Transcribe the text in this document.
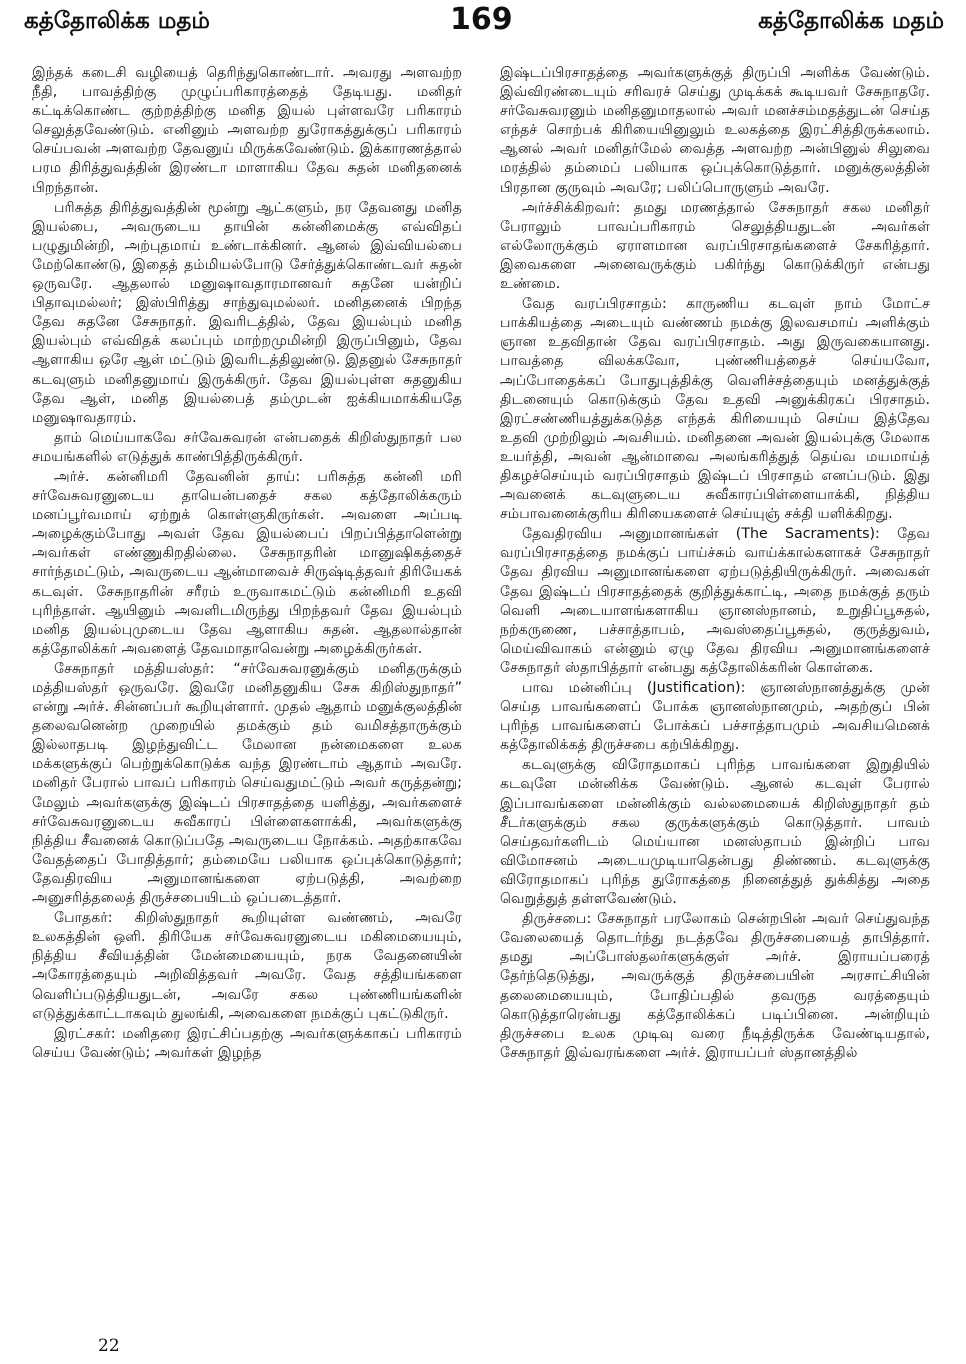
கத்தோலிக்க மதம்	169	கத்தோலிக்க மதம்

இந்தக் கடைசி வழியைத் தெரிந்துகொண்டார். அவரது அளவற்ற நீதி, பாவத்திற்கு முழுப்பரிகாரத்தைத் தேடியது. மனிதர் கட்டிக்கொண்ட குற்றத்திற்கு மனித இயல் புள்ளவரே பரிகாரம் செலுத்தவேண்டும். எனினும் அளவற்ற துரோகத்துக்குப் பரிகாரம் செய்பவன் அளவற்ற தேவனுய் மிருக்கவேண்டும். இக்காரணத்தால் பரம திரித்துவத்தின் இரண்டா மாளாகிய தேவ சுதன் மனிதனைக் பிறந்தான்.

பரிசுத்த திரித்துவத்தின் மூன்று ஆட்களும், நர தேவனது மனித இயல்பை, அவருடைய தாயின் கன்னிமைக்கு எவ்விதப் பழுதுமின்றி, அற்புதமாய் உண்டாக்கினர். ஆனல் இவ்வியல்பை மேற்கொண்டு, இதைத் தம்மியல்போடு சேர்த்துக்கொண்டவர் சுதன் ஒருவரே. ஆதலால் மனுஷாவதாரமானவர் சுதனே யன்றிப் பிதாவுமல்லர்; இஸ்பிரித்து சாந்துவுமல்லர். மனிதனைக் பிறந்த தேவ சுதனே சேசுநாதர். இவரிடத்தில், தேவ இயல்பும் மனித இயல்பும் எவ்விதக் கலப்பும் மாற்றமுமின்றி இருப்பினும், தேவ ஆளாகிய ஒரே ஆள் மட்டும் இவரிடத்திலுண்டு. இதனுல் சேசுநாதர் கடவுளும் மனிதனுமாய் இருக்கிருர். தேவ இயல்புள்ள சுதனுகிய தேவ ஆள், மனித இயல்பைத் தம்முடன் ஐக்கியமாக்கியதே மனுஷாவதாரம்.

தாம் மெய்யாகவே சர்வேசுவரன் என்பதைக் கிறிஸ்துநாதர் பல சமயங்களில் எடுத்துக் காண்பித்திருக்கிருர்.

அர்ச். கன்னிமரி தேவனின் தாய்: பரிசுத்த கன்னி மரி சர்வேசுவரனுடைய தாயென்பதைச் சகல கத்தோலிக்கரும் மனப்பூர்வமாய் ஏற்றுக் கொள்ளுகிருர்கள். அவளை அப்படி அழைக்கும்போது அவள் தேவ இயல்பைப் பிறப்பித்தாளென்று அவர்கள் எண்ணுகிறதில்லை. சேசுநாதரின் மானுஷிகத்தைச் சார்ந்தமட்டும், அவருடைய ஆன்மாவைச் சிருஷ்டித்தவர் திரியேகக் கடவுள். சேசுநாதரின் சரீரம் உருவாகமட்டும் கன்னிமரி உதவி புரிந்தாள். ஆயினும் அவளிடமிருந்து பிறந்தவர் தேவ இயல்பும் மனித இயல்புமுடைய தேவ ஆளாகிய சுதன். ஆதலால்தான் கத்தோலிக்கர் அவளைத் தேவமாதாவென்று அழைக்கிருர்கள்.

சேசுநாதர் மத்தியஸ்தர்: “சர்வேசுவரனுக்கும் மனிதருக்கும் மத்தியஸ்தர் ஒருவரே. இவரே மனிதனுகிய சேசு கிறிஸ்துநாதர்” என்று அர்ச். சின்னப்பர் கூறியுள்ளார். முதல் ஆதாம் மனுக்குலத்தின் தலைவனென்ற முறையில் தமக்கும் தம் வமிசத்தாருக்கும் இல்லாதபடி இழந்துவிட்ட மேலான நன்மைகளை உலக மக்களுக்குப் பெற்றுக்கொடுக்க வந்த இரண்டாம் ஆதாம் அவரே. மனிதர் பேரால் பாவப் பரிகாரம் செய்வதுமட்டும் அவர் கருத்தன்று; மேலும் அவர்களுக்கு இஷ்டப் பிரசாதத்தை யளித்து, அவர்களைச் சர்வேசுவரனுடைய சுவீகாரப் பிள்ளைகளாக்கி, அவர்களுக்கு நித்திய சீவனைக் கொடுப்பதே அவருடைய நோக்கம். அதற்காகவே வேதத்தைப் போதித்தார்; தம்மையே பலியாக ஒப்புக்கொடுத்தார்; தேவதிரவிய அனுமானங்களை ஏற்படுத்தி, அவற்றை அனுசரித்தலைத் திருச்சபையிடம் ஒப்படைத்தார்.

போதகர்: கிறிஸ்துநாதர் கூறியுள்ள வண்ணம், அவரே உலகத்தின் ஒளி. திரியேக சர்வேசுவரனுடைய மகிமையையும், நித்திய சீவியத்தின் மேன்மையையும், நரக வேதனையின் அகோரத்தையும் அறிவித்தவர் அவரே. வேத சத்தியங்களை வெளிப்படுத்தியதுடன், அவரே சகல புண்ணியங்களின் எடுத்துக்காட்டாகவும் துலங்கி, அவைகளை நமக்குப் புகட்டுகிருர்.

இரட்சகர்: மனிதரை இரட்சிப்பதற்கு அவர்களுக்காகப் பரிகாரம் செய்ய வேண்டும்; அவர்கள் இழந்த

இஷ்டப்பிரசாதத்தை அவர்களுக்குத் திருப்பி அளிக்க வேண்டும். இவ்விரண்டையும் சரிவரச் செய்து முடிக்கக் கூடியவர் சேசுநாதரே. சர்வேசுவரனும் மனிதனுமாதலால் அவர் மனச்சம்மதத்துடன் செய்த எந்தச் சொற்பக் கிரியையினுலும் உலகத்தை இரட்சித்திருக்கலாம். ஆனல் அவர் மனிதர்மேல் வைத்த அளவற்ற அன்பினுல் சிலுவை மரத்தில் தம்மைப் பலியாக ஒப்புக்கொடுத்தார். மனுக்குலத்தின் பிரதான குருவும் அவரே; பலிப்பொருளும் அவரே.

அர்ச்சிக்கிறவர்: தமது மரணத்தால் சேசுநாதர் சகல மனிதர் பேராலும் பாவப்பரிகாரம் செலுத்தியதுடன் அவர்கள் எல்லோருக்கும் ஏராளமான வரப்பிரசாதங்களைச் சேகரித்தார். இவைகளை அனைவருக்கும் பகிர்ந்து கொடுக்கிருர் என்பது உண்மை.

வேத வரப்பிரசாதம்: காருணிய கடவுள் நாம் மோட்ச பாக்கியத்தை அடையும் வண்ணம் நமக்கு இலவசமாய் அளிக்கும் ஞான உதவிதான் தேவ வரப்பிரசாதம். அது இருவகையானது. பாவத்தை விலக்கவோ, புண்ணியத்தைச் செய்யவோ, அப்போதைக்கப் போதுபுத்திக்கு வெளிச்சத்தையும் மனத்துக்குத் திடனையும் கொடுக்கும் தேவ உதவி அனுக்கிரகப் பிரசாதம். இரட்சண்ணியத்துக்கடுத்த எந்தக் கிரியையும் செய்ய இத்தேவ உதவி முற்றிலும் அவசியம். மனிதனை அவன் இயல்புக்கு மேலாக உயர்த்தி, அவன் ஆன்மாவை அலங்கரித்துத் தெய்வ மயமாய்த் திகழச்செய்யும் வரப்பிரசாதம் இஷ்டப் பிரசாதம் எனப்படும். இது அவனைக் கடவுளுடைய சுவீகாரப்பிள்ளையாக்கி, நித்திய சம்பாவனைக்குரிய கிரியைகளைச் செய்யுஞ் சக்தி யளிக்கிறது.

தேவதிரவிய அனுமானங்கள் (The Sacraments): தேவ வரப்பிரசாதத்தை நமக்குப் பாய்ச்சும் வாய்க்கால்களாகச் சேசுநாதர் தேவ திரவிய அனுமானங்களை ஏற்படுத்தியிருக்கிருர். அவைகள் தேவ இஷ்டப் பிரசாதத்தைக் குறித்துக்காட்டி, அதை நமக்குத் தரும் வெளி அடையாளங்களாகிய ஞானஸ்நானம், உறுதிப்பூசுதல், நற்கருணை, பச்சாத்தாபம், அவஸ்தைப்பூசுதல், குருத்துவம், மெய்விவாகம் என்னும் ஏழு தேவ திரவிய அனுமானங்களைச் சேசுநாதர் ஸ்தாபித்தார் என்பது கத்தோலிக்கரின் கொள்கை.

பாவ மன்னிப்பு (Justification): ஞானஸ்நானத்துக்கு முன் செய்த பாவங்களைப் போக்க ஞானஸ்நானமும், அதற்குப் பின் புரிந்த பாவங்களைப் போக்கப் பச்சாத்தாபமும் அவசியமெனக் கத்தோலிக்கத் திருச்சபை கற்பிக்கிறது.

கடவுளுக்கு விரோதமாகப் புரிந்த பாவங்களை இறுதியில் கடவுளே மன்னிக்க வேண்டும். ஆனல் கடவுள் பேரால் இப்பாவங்களை மன்னிக்கும் வல்லமையைக் கிறிஸ்துநாதர் தம் சீடர்களுக்கும் சகல குருக்களுக்கும் கொடுத்தார். பாவம் செய்தவர்களிடம் மெய்யான மனஸ்தாபம் இன்றிப் பாவ விமோசனம் அடையமுடியாதென்பது திண்ணம். கடவுளுக்கு விரோதமாகப் புரிந்த துரோகத்தை நினைத்துத் துக்கித்து அதை வெறுத்துத் தள்ளவேண்டும்.

திருச்சபை: சேசுநாதர் பரலோகம் சென்றபின் அவர் செய்துவந்த வேலையைத் தொடர்ந்து நடத்தவே திருச்சபையைத் தாபித்தார். தமது அப்போஸ்தலர்களுக்குள் அர்ச். இராயப்பரைத் தேர்ந்தெடுத்து, அவருக்குத் திருச்சபையின் அரசாட்சியின் தலைமையையும், போதிப்பதில் தவருத வரத்தையும் கொடுத்தாரென்பது கத்தோலிக்கப் படிப்பினை. அன்றியும் திருச்சபை உலக முடிவு வரை நீடித்திருக்க வேண்டியதால், சேசுநாதர் இவ்வரங்களை அர்ச். இராயப்பர் ஸ்தானத்தில்

22
